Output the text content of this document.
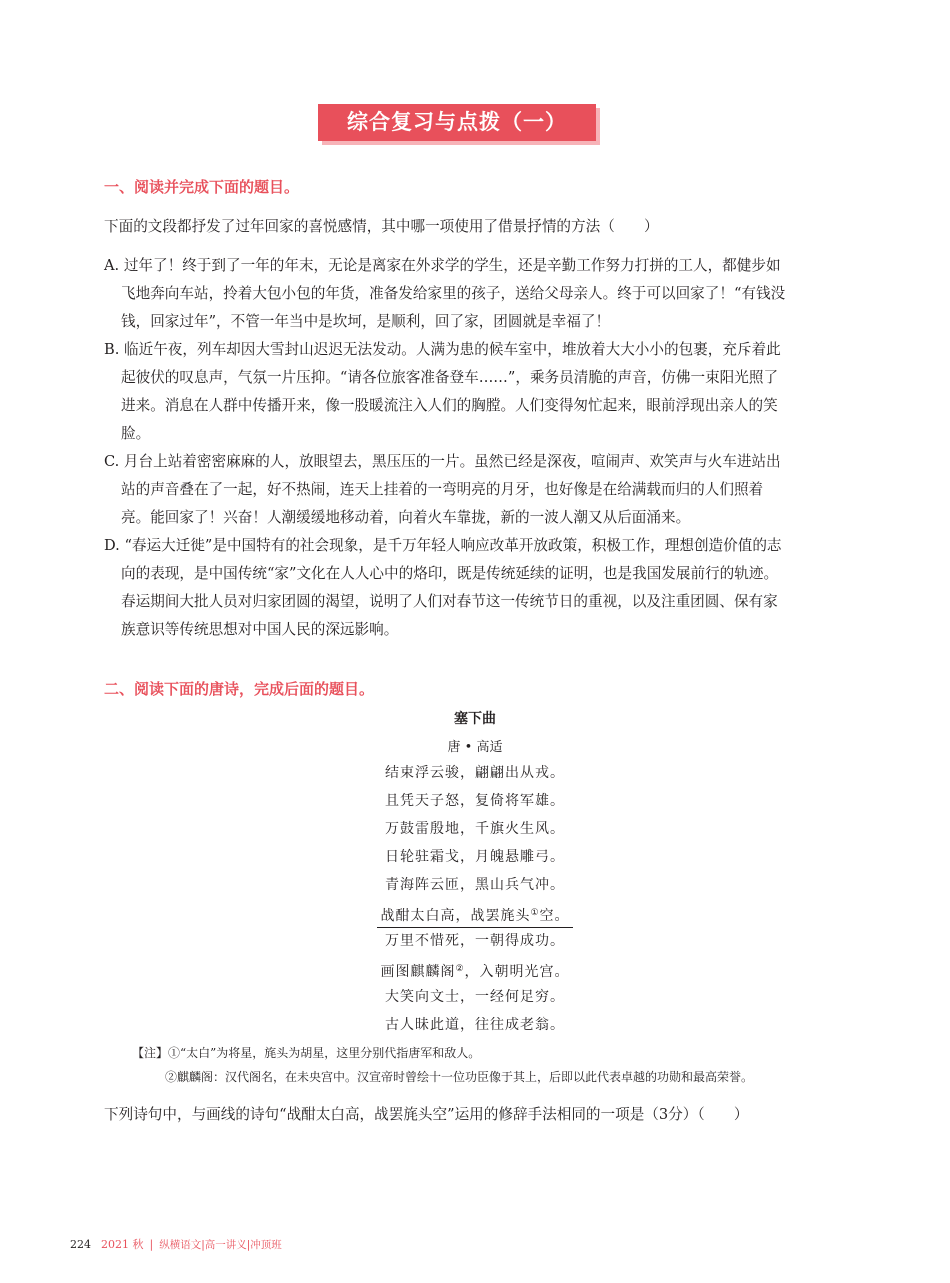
综合复习与点拨（一）
一、阅读并完成下面的题目。
下面的文段都抒发了过年回家的喜悦感情，其中哪一项使用了借景抒情的方法（　　）
A. 过年了！终于到了一年的年末，无论是离家在外求学的学生，还是辛勤工作努力打拼的工人，都健步如
飞地奔向车站，拎着大包小包的年货，准备发给家里的孩子，送给父母亲人。终于可以回家了！“有钱没
钱，回家过年”，不管一年当中是坎坷，是顺利，回了家，团圆就是幸福了！
B. 临近午夜，列车却因大雪封山迟迟无法发动。人满为患的候车室中，堆放着大大小小的包裹，充斥着此
起彼伏的叹息声，气氛一片压抑。“请各位旅客准备登车……”，乘务员清脆的声音，仿佛一束阳光照了
进来。消息在人群中传播开来，像一股暖流注入人们的胸膛。人们变得匆忙起来，眼前浮现出亲人的笑
脸。
C. 月台上站着密密麻麻的人，放眼望去，黑压压的一片。虽然已经是深夜，喧闹声、欢笑声与火车进站出
站的声音叠在了一起，好不热闹，连天上挂着的一弯明亮的月牙，也好像是在给满载而归的人们照着
亮。能回家了！兴奋！人潮缓缓地移动着，向着火车靠拢，新的一波人潮又从后面涌来。
D. “春运大迁徙”是中国特有的社会现象，是千万年轻人响应改革开放政策，积极工作，理想创造价值的志
向的表现，是中国传统“家”文化在人人心中的烙印，既是传统延续的证明，也是我国发展前行的轨迹。
春运期间大批人员对归家团圆的渴望，说明了人们对春节这一传统节日的重视，以及注重团圆、保有家
族意识等传统思想对中国人民的深远影响。
二、阅读下面的唐诗，完成后面的题目。
塞下曲
唐 • 高适
结束浮云骏，翩翩出从戎。
且凭天子怒，复倚将军雄。
万鼓雷殷地，千旗火生风。
日轮驻霜戈，月魄悬雕弓。
青海阵云匝，黑山兵气冲。
战酣太白高，战罢旄头①空。
万里不惜死，一朝得成功。
画图麒麟阁②，入朝明光宫。
大笑向文士，一经何足穷。
古人昧此道，往往成老翁。
【注】①“太白”为将星，旄头为胡星，这里分别代指唐军和敌人。
②麒麟阁：汉代阁名，在未央宫中。汉宣帝时曾绘十一位功臣像于其上，后即以此代表卓越的功勋和最高荣誉。
下列诗句中，与画线的诗句“战酣太白高，战罢旄头空”运用的修辞手法相同的一项是（3分）（　　）
224 2021 秋 | 纵横语文|高一讲义|冲顶班
